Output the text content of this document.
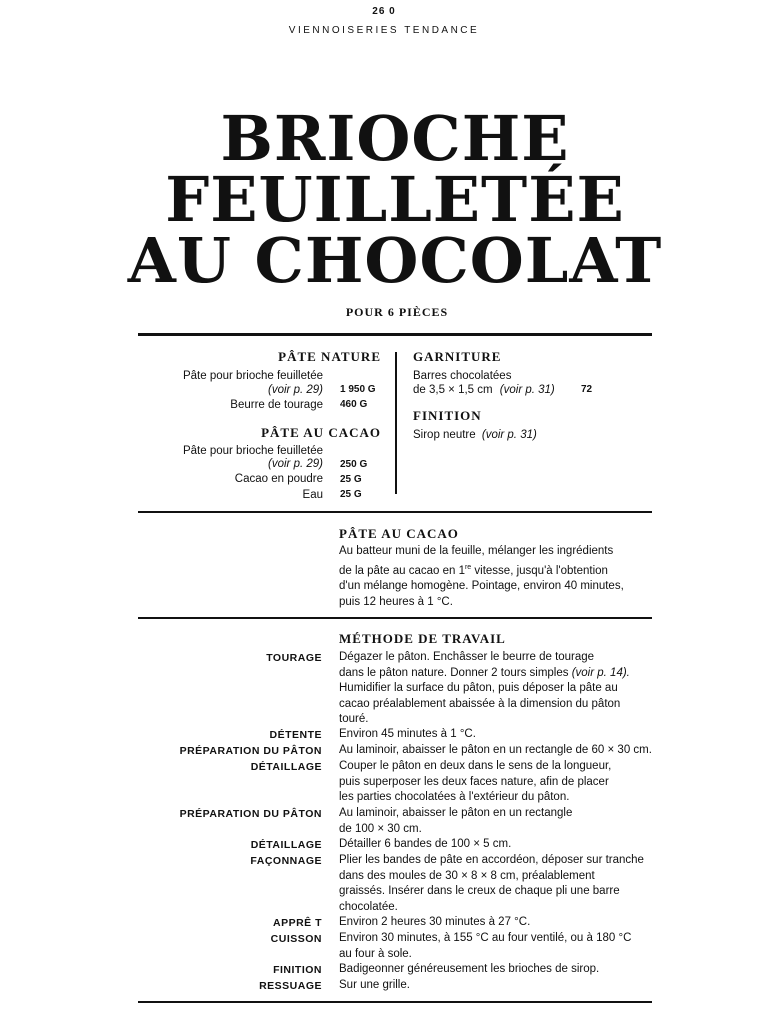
26 0
VIENNOISERIES TENDANCE
BRIOCHE
FEUILLETÉE
AU CHOCOLAT
POUR 6 PIÈCES
PÂTE NATURE
Pâte pour brioche feuilletée
(voir p. 29) 1 950 G
Beurre de tourage 460 G
PÂTE AU CACAO
Pâte pour brioche feuilletée
(voir p. 29) 250 G
Cacao en poudre 25 G
Eau 25 G
GARNITURE
Barres chocolatées
de 3,5 × 1,5 cm (voir p. 31)	72
FINITION
Sirop neutre (voir p. 31)
PÂTE AU CACAO
Au batteur muni de la feuille, mélanger les ingrédients
de la pâte au cacao en 1re vitesse, jusqu'à l'obtention
d'un mélange homogène. Pointage, environ 40 minutes,
puis 12 heures à 1 °C.
MÉTHODE DE TRAVAIL
TOURAGE Dégazer le pâton. Enchâsser le beurre de tourage
dans le pâton nature. Donner 2 tours simples (voir p. 14).
Humidifier la surface du pâton, puis déposer la pâte au
cacao préalablement abaissée à la dimension du pâton
touré.
DÉTENTE Environ 45 minutes à 1 °C.
PRÉPARATION DU PÂTON Au laminoir, abaisser le pâton en un rectangle de 60 × 30 cm.
DÉTAILLAGE Couper le pâton en deux dans le sens de la longueur,
puis superposer les deux faces nature, afin de placer
les parties chocolatées à l'extérieur du pâton.
PRÉPARATION DU PÂTON Au laminoir, abaisser le pâton en un rectangle
de 100 × 30 cm.
DÉTAILLAGE Détailler 6 bandes de 100 × 5 cm.
FAÇONNAGE Plier les bandes de pâte en accordéon, déposer sur tranche
dans des moules de 30 × 8 × 8 cm, préalablement
graissés. Insérer dans le creux de chaque pli une barre
chocolatée.
APPRÊ T Environ 2 heures 30 minutes à 27 °C.
CUISSON Environ 30 minutes, à 155 °C au four ventilé, ou à 180 °C
au four à sole.
FINITION Badigeonner généreusement les brioches de sirop.
RESSUAGE Sur une grille.
